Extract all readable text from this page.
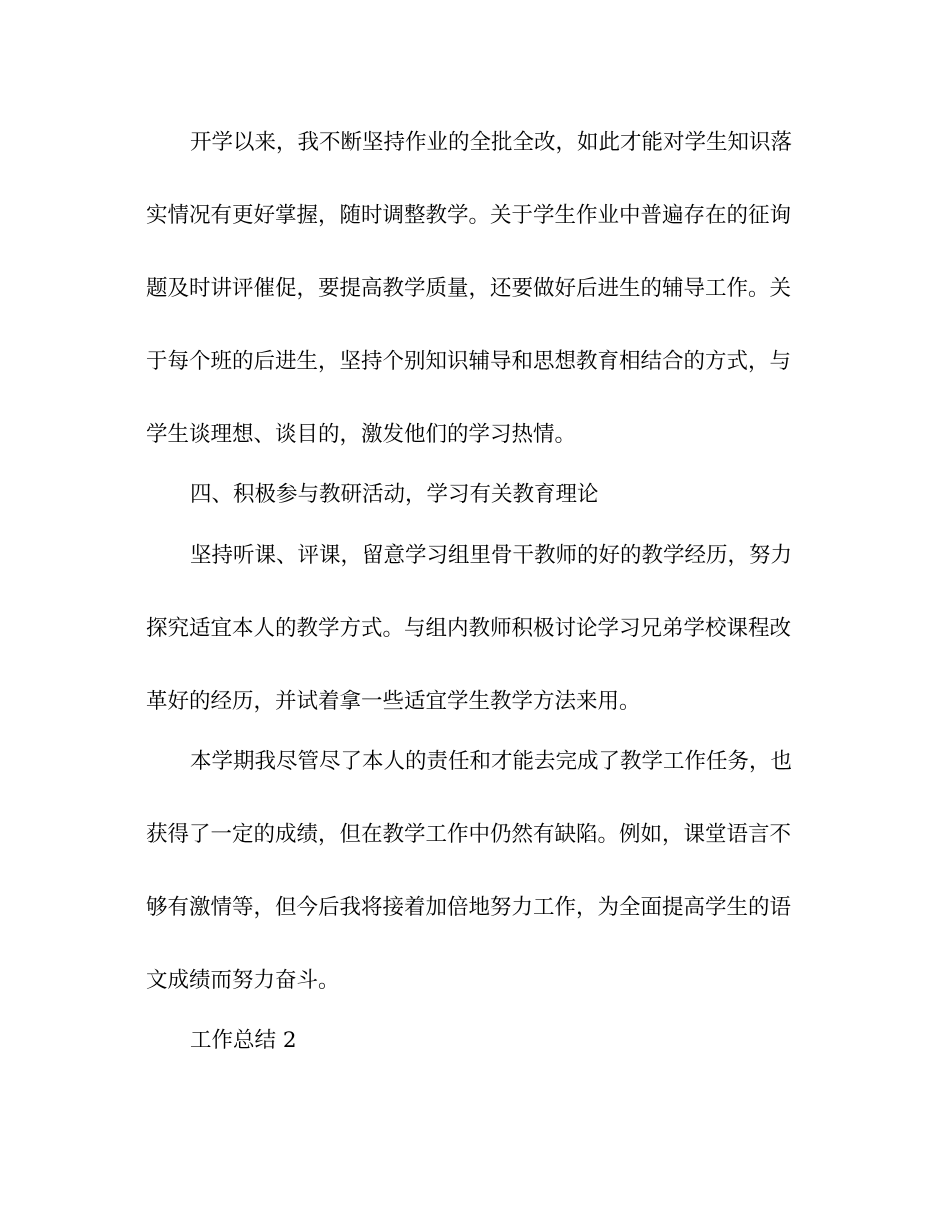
开学以来，我不断坚持作业的全批全改，如此才能对学生知识落
实情况有更好掌握，随时调整教学。关于学生作业中普遍存在的征询
题及时讲评催促，要提高教学质量，还要做好后进生的辅导工作。关
于每个班的后进生，坚持个别知识辅导和思想教育相结合的方式，与
学生谈理想、谈目的，激发他们的学习热情。
四、积极参与教研活动，学习有关教育理论
坚持听课、评课，留意学习组里骨干教师的好的教学经历，努力
探究适宜本人的教学方式。与组内教师积极讨论学习兄弟学校课程改
革好的经历，并试着拿一些适宜学生教学方法来用。
本学期我尽管尽了本人的责任和才能去完成了教学工作任务，也
获得了一定的成绩，但在教学工作中仍然有缺陷。例如，课堂语言不
够有激情等，但今后我将接着加倍地努力工作，为全面提高学生的语
文成绩而努力奋斗。
工作总结 2
